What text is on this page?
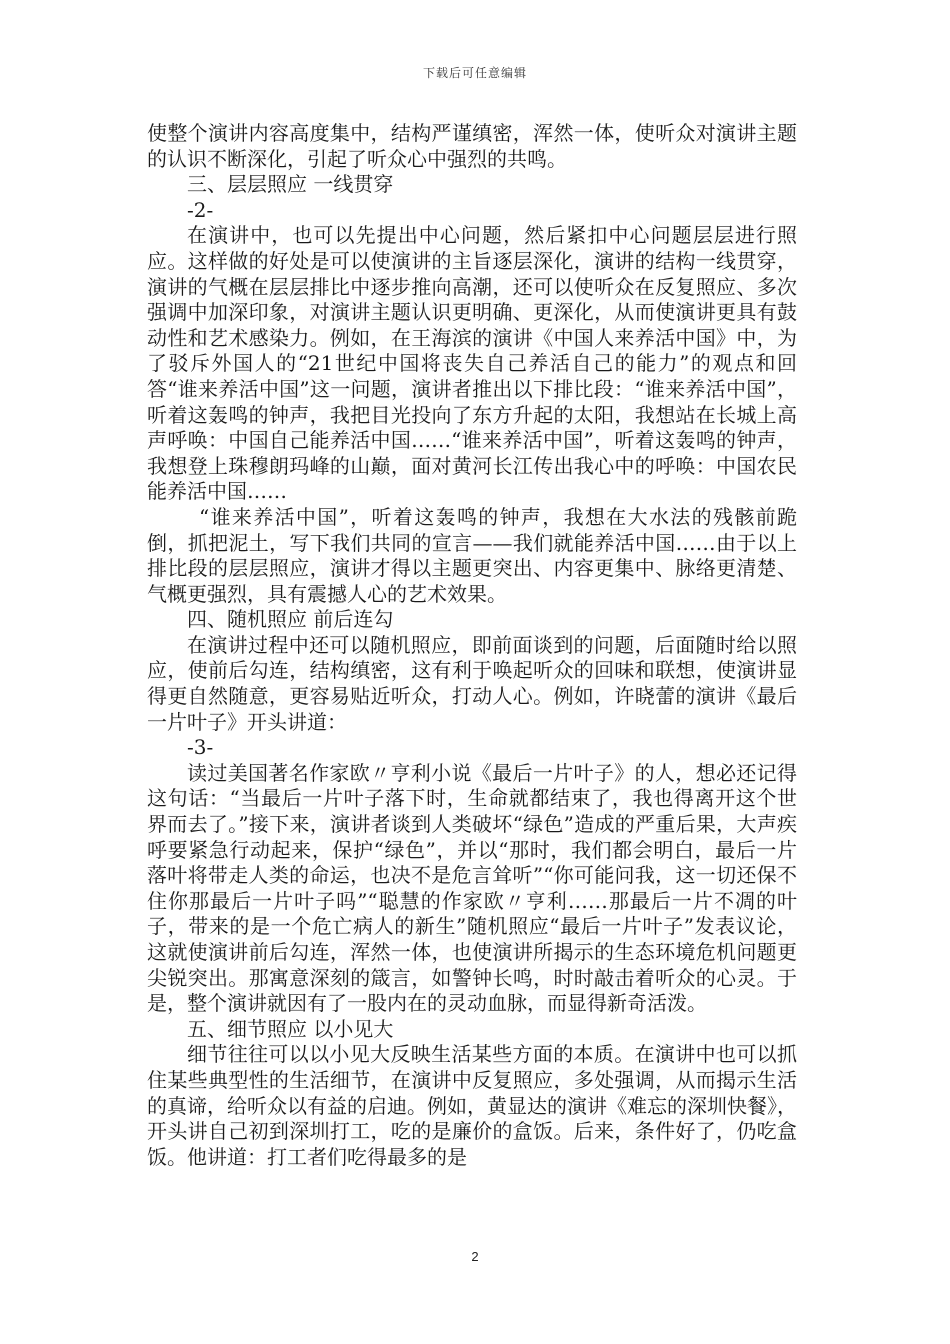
下载后可任意编辑

使整个演讲内容高度集中，结构严谨缜密，浑然一体，使听众对演讲主题的认识不断深化，引起了听众心中强烈的共鸣。

三、层层照应 一线贯穿

-2-

在演讲中，也可以先提出中心问题，然后紧扣中心问题层层进行照应。这样做的好处是可以使演讲的主旨逐层深化，演讲的结构一线贯穿，演讲的气概在层层排比中逐步推向高潮，还可以使听众在反复照应、多次强调中加深印象，对演讲主题认识更明确、更深化，从而使演讲更具有鼓动性和艺术感染力。例如，在王海滨的演讲《中国人来养活中国》中，为了驳斥外国人的“21世纪中国将丧失自己养活自己的能力”的观点和回答“谁来养活中国”这一问题，演讲者推出以下排比段：“谁来养活中国”，听着这轰鸣的钟声，我把目光投向了东方升起的太阳，我想站在长城上高声呼唤：中国自己能养活中国……“谁来养活中国”，听着这轰鸣的钟声，我想登上珠穆朗玛峰的山巅，面对黄河长江传出我心中的呼唤：中国农民能养活中国……

“谁来养活中国”，听着这轰鸣的钟声，我想在大水法的残骸前跪倒，抓把泥土，写下我们共同的宣言——我们就能养活中国……由于以上排比段的层层照应，演讲才得以主题更突出、内容更集中、脉络更清楚、气概更强烈，具有震撼人心的艺术效果。

四、随机照应 前后连勾

在演讲过程中还可以随机照应，即前面谈到的问题，后面随时给以照应，使前后勾连，结构缜密，这有利于唤起听众的回味和联想，使演讲显得更自然随意，更容易贴近听众，打动人心。例如，许晓蕾的演讲《最后一片叶子》开头讲道：

-3-

读过美国著名作家欧〃亨利小说《最后一片叶子》的人，想必还记得这句话：“当最后一片叶子落下时，生命就都结束了，我也得离开这个世界而去了。”接下来，演讲者谈到人类破坏“绿色”造成的严重后果，大声疾呼要紧急行动起来，保护“绿色”，并以“那时，我们都会明白，最后一片落叶将带走人类的命运，也决不是危言耸听”“你可能问我，这一切还保不住你那最后一片叶子吗”“聪慧的作家欧〃亨利……那最后一片不凋的叶子，带来的是一个危亡病人的新生”随机照应“最后一片叶子”发表议论，这就使演讲前后勾连，浑然一体，也使演讲所揭示的生态环境危机问题更尖锐突出。那寓意深刻的箴言，如警钟长鸣，时时敲击着听众的心灵。于是，整个演讲就因有了一股内在的灵动血脉，而显得新奇活泼。

五、细节照应 以小见大

细节往往可以以小见大反映生活某些方面的本质。在演讲中也可以抓住某些典型性的生活细节，在演讲中反复照应，多处强调，从而揭示生活的真谛，给听众以有益的启迪。例如，黄显达的演讲《难忘的深圳快餐》，开头讲自己初到深圳打工，吃的是廉价的盒饭。后来，条件好了，仍吃盒饭。他讲道：打工者们吃得最多的是

2
